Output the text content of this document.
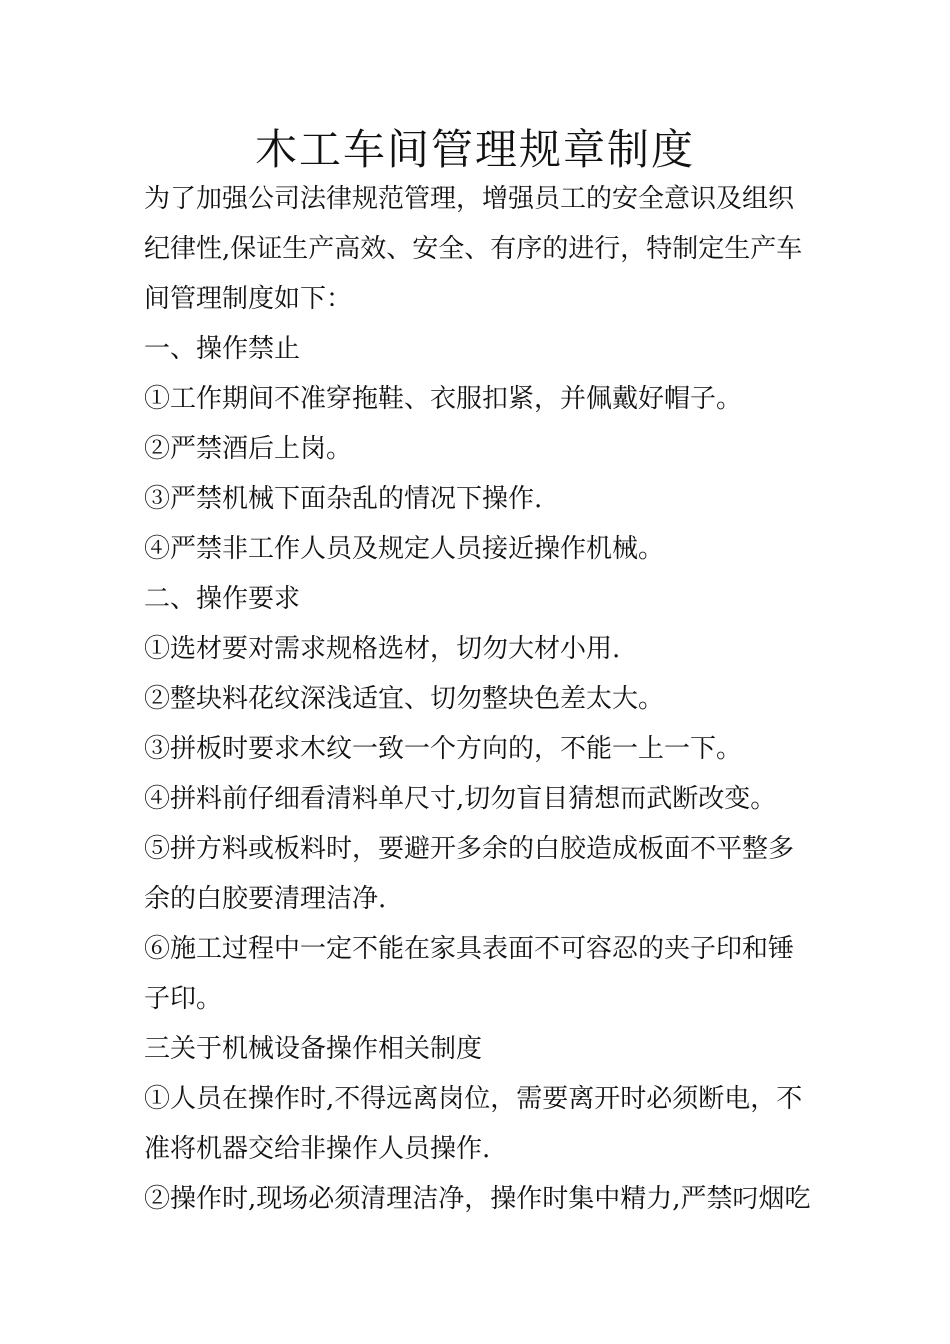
木工车间管理规章制度
为了加强公司法律规范管理，增强员工的安全意识及组织
纪律性,保证生产高效、安全、有序的进行，特制定生产车
间管理制度如下：
一、操作禁止
①工作期间不准穿拖鞋、衣服扣紧，并佩戴好帽子。
②严禁酒后上岗。
③严禁机械下面杂乱的情况下操作.
④严禁非工作人员及规定人员接近操作机械。
二、操作要求
①选材要对需求规格选材，切勿大材小用.
②整块料花纹深浅适宜、切勿整块色差太大。
③拼板时要求木纹一致一个方向的，不能一上一下。
④拼料前仔细看清料单尺寸,切勿盲目猜想而武断改变。
⑤拼方料或板料时，要避开多余的白胶造成板面不平整多
余的白胶要清理洁净.
⑥施工过程中一定不能在家具表面不可容忍的夹子印和锤
子印。
三关于机械设备操作相关制度
①人员在操作时,不得远离岗位，需要离开时必须断电，不
准将机器交给非操作人员操作.
②操作时,现场必须清理洁净，操作时集中精力,严禁叼烟吃
